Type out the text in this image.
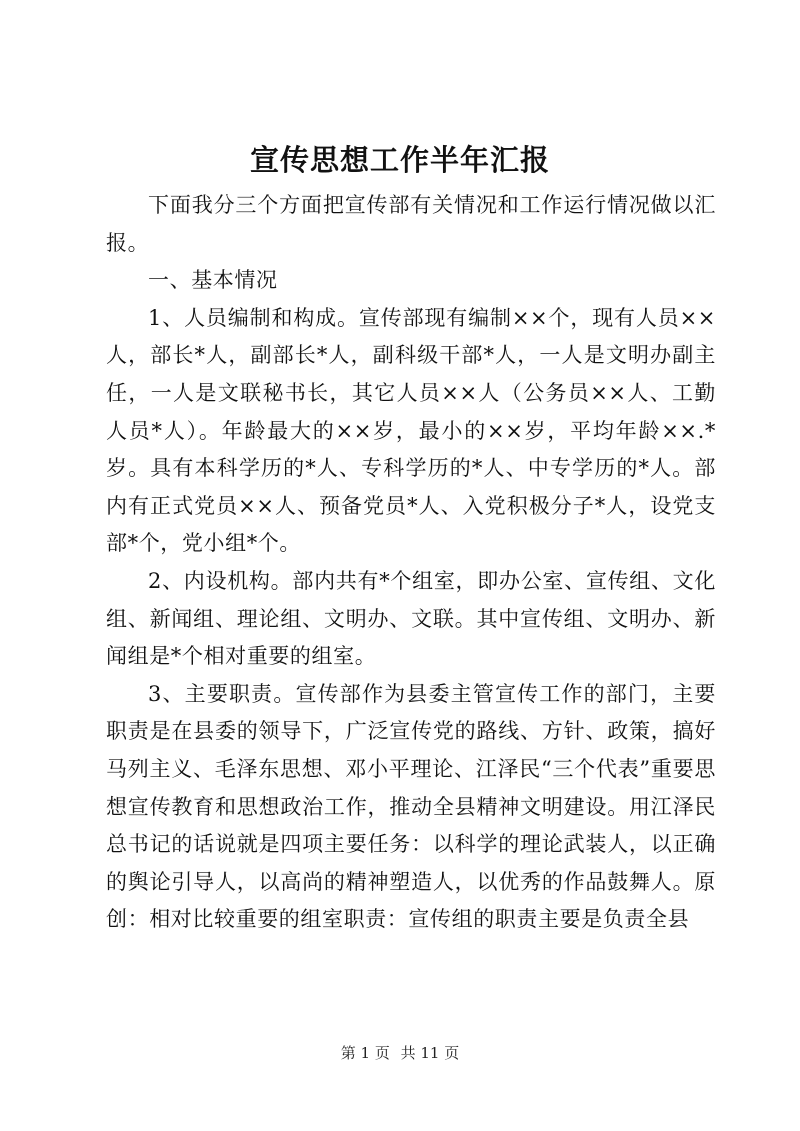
宣传思想工作半年汇报

下面我分三个方面把宣传部有关情况和工作运行情况做以汇报。

一、基本情况

1、人员编制和构成。宣传部现有编制××个，现有人员××人，部长*人，副部长*人，副科级干部*人，一人是文明办副主任，一人是文联秘书长，其它人员××人（公务员××人、工勤人员*人）。年龄最大的××岁，最小的××岁，平均年龄××.*岁。具有本科学历的*人、专科学历的*人、中专学历的*人。部内有正式党员××人、预备党员*人、入党积极分子*人，设党支部*个，党小组*个。

2、内设机构。部内共有*个组室，即办公室、宣传组、文化组、新闻组、理论组、文明办、文联。其中宣传组、文明办、新闻组是*个相对重要的组室。

3、主要职责。宣传部作为县委主管宣传工作的部门，主要职责是在县委的领导下，广泛宣传党的路线、方针、政策，搞好马列主义、毛泽东思想、邓小平理论、江泽民“三个代表”重要思想宣传教育和思想政治工作，推动全县精神文明建设。用江泽民总书记的话说就是四项主要任务：以科学的理论武装人，以正确的舆论引导人，以高尚的精神塑造人，以优秀的作品鼓舞人。原创：相对比较重要的组室职责：宣传组的职责主要是负责全县

第 1 页 共 11 页
